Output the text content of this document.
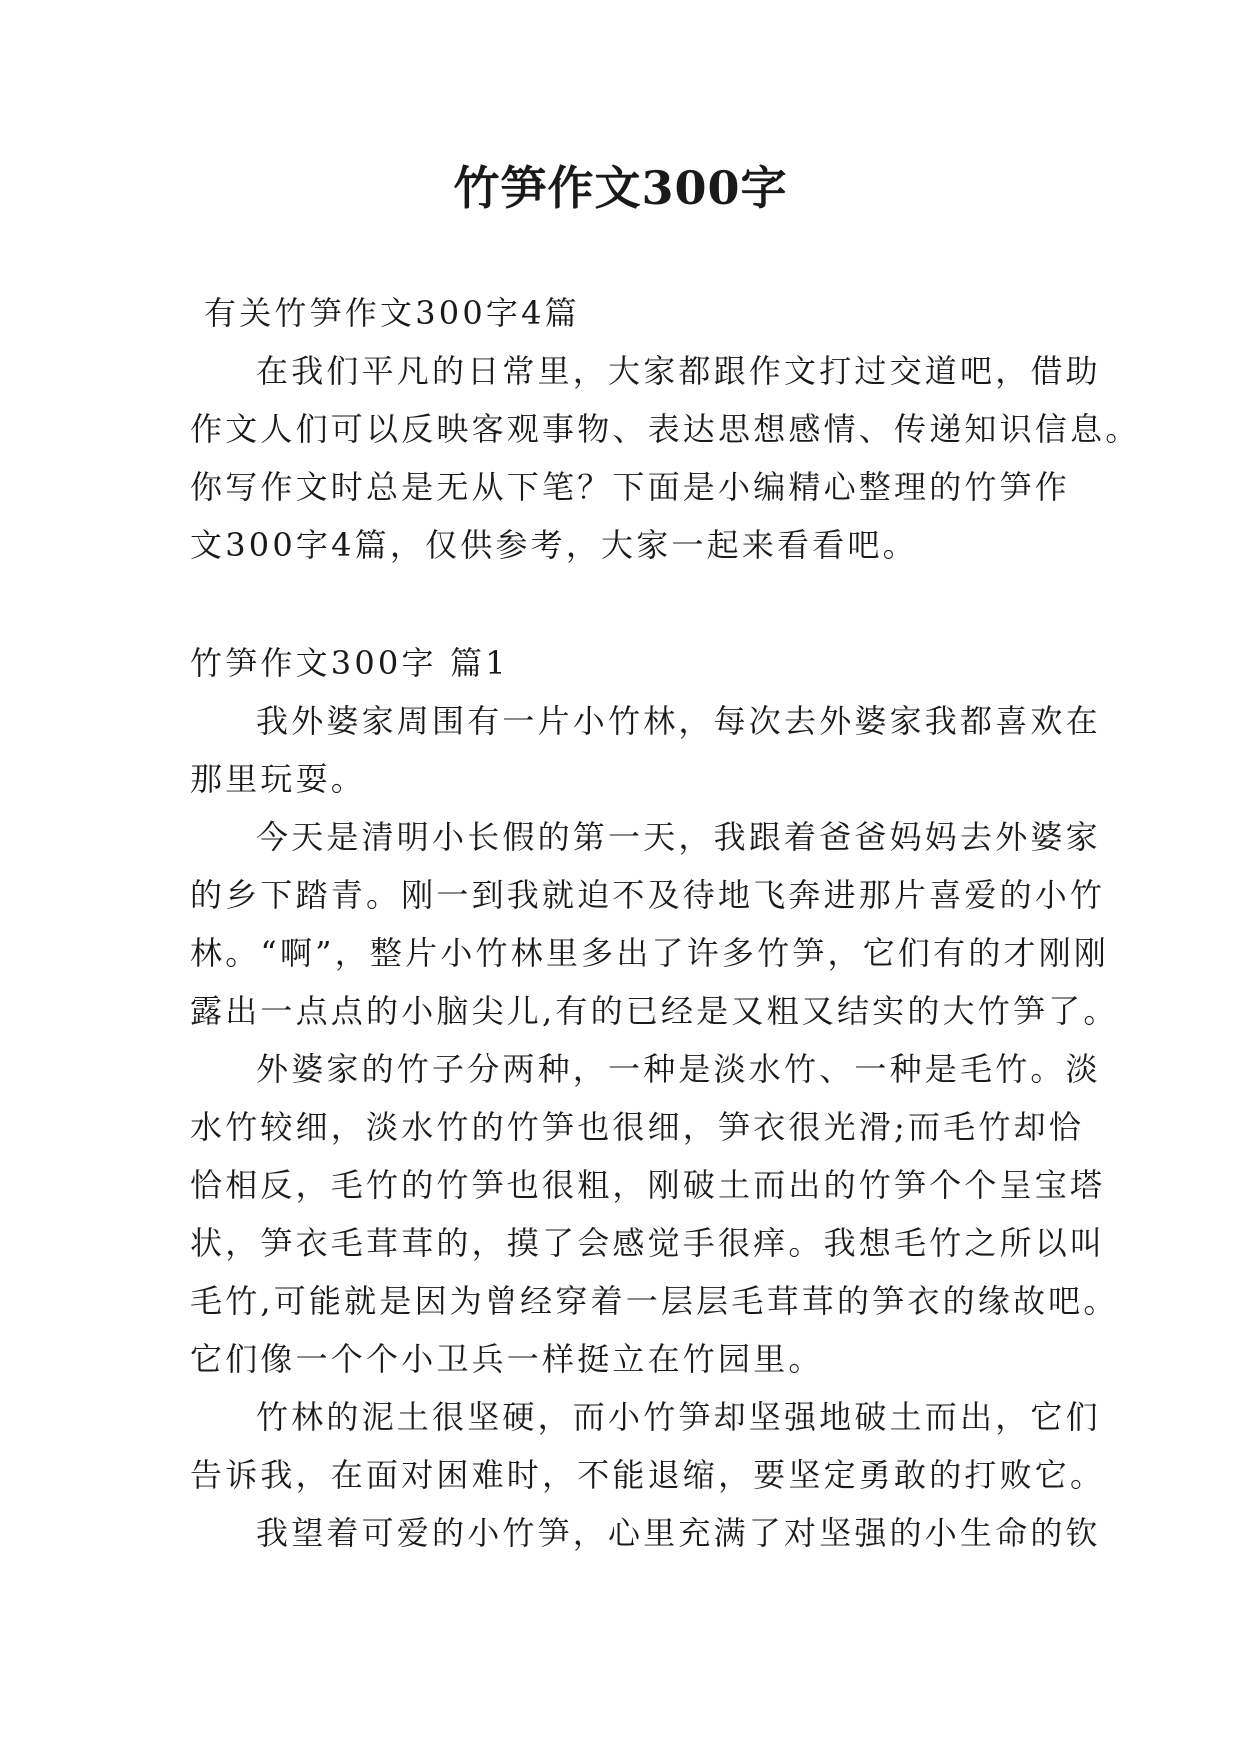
竹笋作文300字
有关竹笋作文300字4篇
在我们平凡的日常里，大家都跟作文打过交道吧，借助
作文人们可以反映客观事物、表达思想感情、传递知识信息。
你写作文时总是无从下笔？下面是小编精心整理的竹笋作
文300字4篇，仅供参考，大家一起来看看吧。
竹笋作文300字 篇1
我外婆家周围有一片小竹林，每次去外婆家我都喜欢在
那里玩耍。
今天是清明小长假的第一天，我跟着爸爸妈妈去外婆家
的乡下踏青。刚一到我就迫不及待地飞奔进那片喜爱的小竹
林。“啊”，整片小竹林里多出了许多竹笋，它们有的才刚刚
露出一点点的小脑尖儿,有的已经是又粗又结实的大竹笋了。
外婆家的竹子分两种，一种是淡水竹、一种是毛竹。淡
水竹较细，淡水竹的竹笋也很细，笋衣很光滑;而毛竹却恰
恰相反，毛竹的竹笋也很粗，刚破土而出的竹笋个个呈宝塔
状，笋衣毛茸茸的，摸了会感觉手很痒。我想毛竹之所以叫
毛竹,可能就是因为曾经穿着一层层毛茸茸的笋衣的缘故吧。
它们像一个个小卫兵一样挺立在竹园里。
竹林的泥土很坚硬，而小竹笋却坚强地破土而出，它们
告诉我，在面对困难时，不能退缩，要坚定勇敢的打败它。
我望着可爱的小竹笋，心里充满了对坚强的小生命的钦
